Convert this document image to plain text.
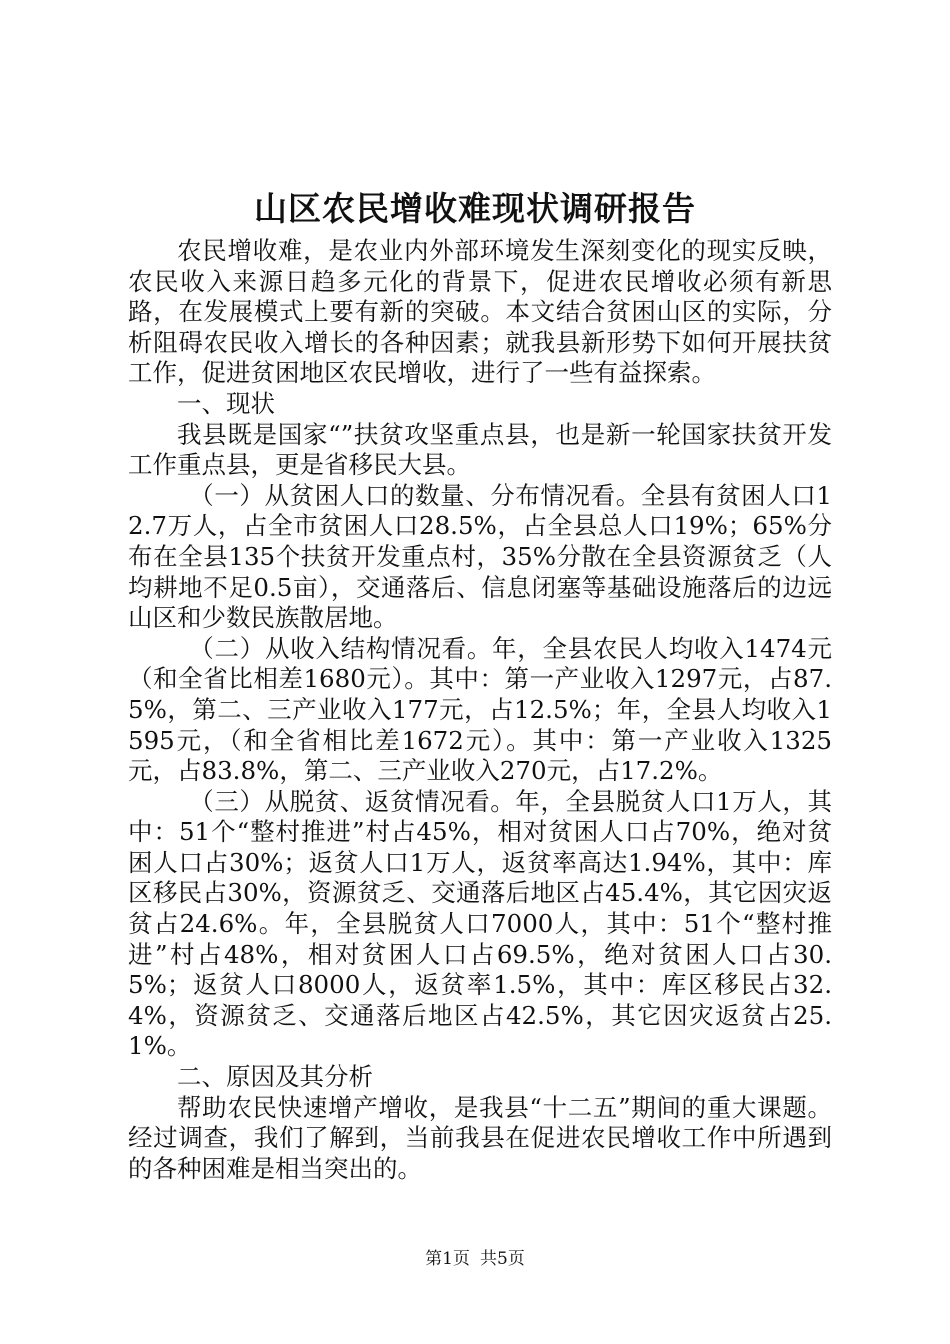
山区农民增收难现状调研报告

农民增收难，是农业内外部环境发生深刻变化的现实反映，农民收入来源日趋多元化的背景下，促进农民增收必须有新思路，在发展模式上要有新的突破。本文结合贫困山区的实际，分析阻碍农民收入增长的各种因素；就我县新形势下如何开展扶贫工作，促进贫困地区农民增收，进行了一些有益探索。

一、现状

我县既是国家“”扶贫攻坚重点县，也是新一轮国家扶贫开发工作重点县，更是省移民大县。

（一）从贫困人口的数量、分布情况看。全县有贫困人口12.7万人，占全市贫困人口28.5%，占全县总人口19%；65%分布在全县135个扶贫开发重点村，35%分散在全县资源贫乏（人均耕地不足0.5亩），交通落后、信息闭塞等基础设施落后的边远山区和少数民族散居地。

（二）从收入结构情况看。年，全县农民人均收入1474元（和全省比相差1680元）。其中：第一产业收入1297元，占87.5%，第二、三产业收入177元，占12.5%；年，全县人均收入1595元，（和全省相比差1672元）。其中：第一产业收入1325元，占83.8%，第二、三产业收入270元，占17.2%。

（三）从脱贫、返贫情况看。年，全县脱贫人口1万人，其中：51个“整村推进”村占45%，相对贫困人口占70%，绝对贫困人口占30%；返贫人口1万人，返贫率高达1.94%，其中：库区移民占30%，资源贫乏、交通落后地区占45.4%，其它因灾返贫占24.6%。年，全县脱贫人口7000人，其中：51个“整村推进”村占48%，相对贫困人口占69.5%，绝对贫困人口占30.5%；返贫人口8000人，返贫率1.5%，其中：库区移民占32.4%，资源贫乏、交通落后地区占42.5%，其它因灾返贫占25.1%。

二、原因及其分析

帮助农民快速增产增收，是我县“十二五”期间的重大课题。经过调查，我们了解到，当前我县在促进农民增收工作中所遇到的各种困难是相当突出的。

第1页 共5页
